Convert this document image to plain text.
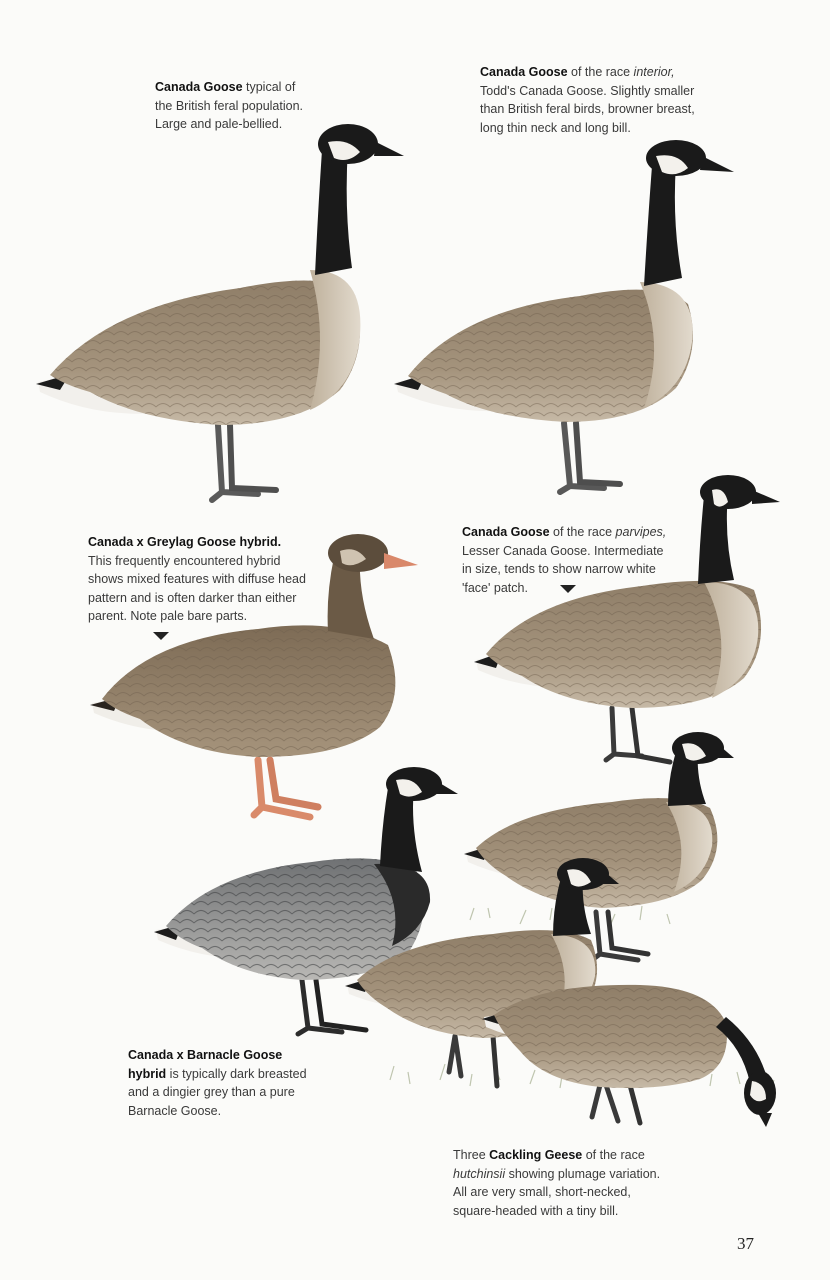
Canada Goose typical of
the British feral population.
Large and pale-bellied.
Canada Goose of the race interior,
Todd's Canada Goose. Slightly smaller
than British feral birds, browner breast,
long thin neck and long bill.
Canada x Greylag Goose hybrid.
This frequently encountered hybrid
shows mixed features with diffuse head
pattern and is often darker than either
parent. Note pale bare parts.
Canada Goose of the race parvipes,
Lesser Canada Goose. Intermediate
in size, tends to show narrow white
'face' patch.
Canada x Barnacle Goose
hybrid is typically dark breasted
and a dingier grey than a pure
Barnacle Goose.
Three Cackling Geese of the race
hutchinsii showing plumage variation.
All are very small, short-necked,
square-headed with a tiny bill.
37
